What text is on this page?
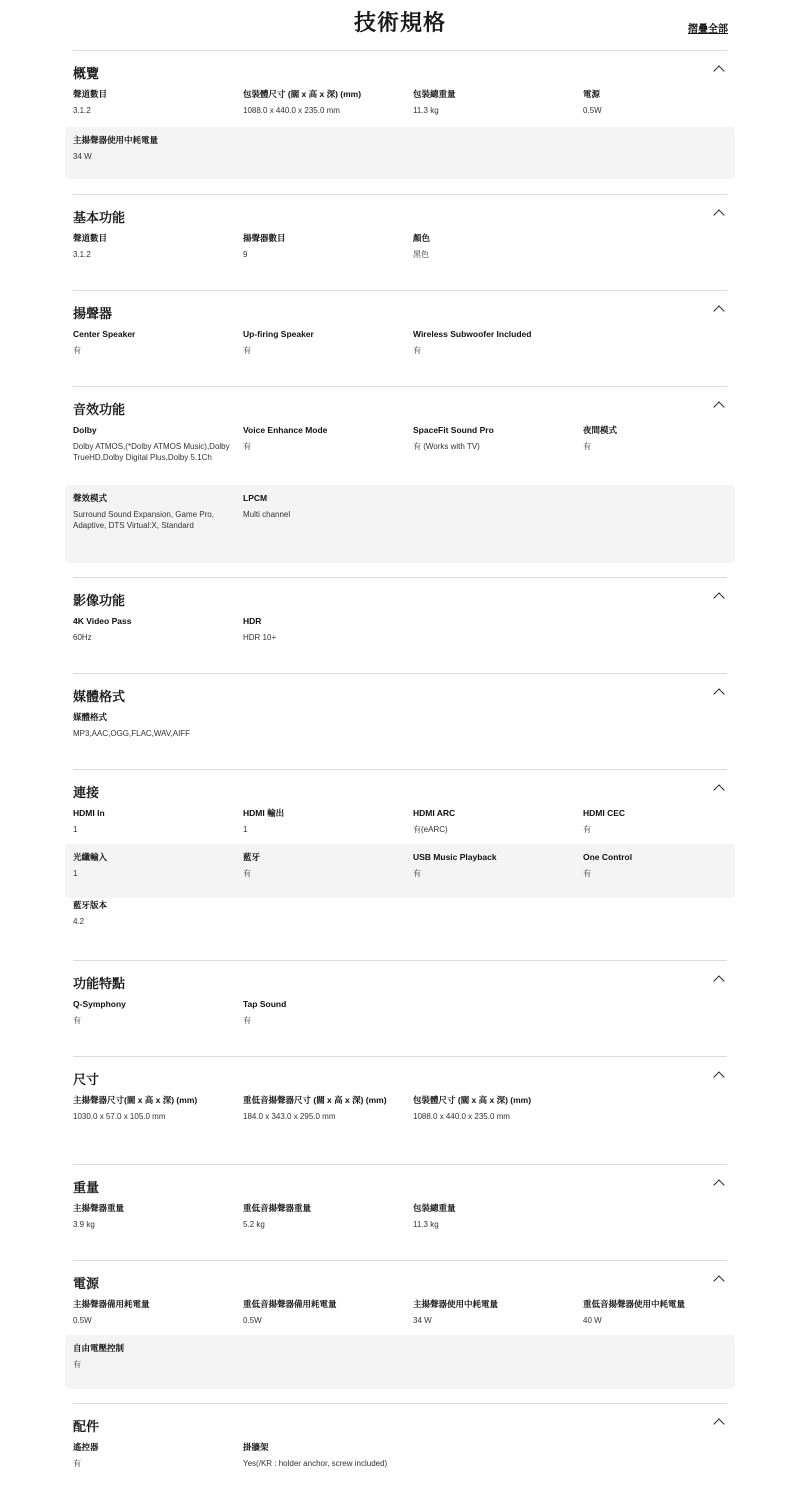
技術規格	摺疊全部
概覽
聲道數目
3.1.2
包裝體尺寸 (闊 x 高 x 深) (mm)
1088.0 x 440.0 x 235.0 mm
包裝總重量
11.3 kg
電源
0.5W
主揚聲器使用中耗電量
34 W
基本功能
聲道數目
3.1.2
揚聲器數目
9
顏色
黑色
揚聲器
Center Speaker
有
Up-firing Speaker
有
Wireless Subwoofer Included
有
音效功能
Dolby
Dolby ATMOS,(*Dolby ATMOS Music),Dolby TrueHD,Dolby Digital Plus,Dolby 5.1Ch
Voice Enhance Mode
有
SpaceFit Sound Pro
有 (Works with TV)
夜間模式
有
聲效模式
Surround Sound Expansion, Game Pro, Adaptive, DTS Virtual:X, Standard
LPCM
Multi channel
影像功能
4K Video Pass
60Hz
HDR
HDR 10+
媒體格式
媒體格式
MP3,AAC,OGG,FLAC,WAV,AIFF
連接
HDMI In
1
HDMI 輸出
1
HDMI ARC
有(eARC)
HDMI CEC
有
光纖輸入
1
藍牙
有
USB Music Playback
有
One Control
有
藍牙版本
4.2
功能特點
Q-Symphony
有
Tap Sound
有
尺寸
主揚聲器尺寸(闊 x 高 x 深) (mm)
1030.0 x 57.0 x 105.0 mm
重低音揚聲器尺寸 (闊 x 高 x 深) (mm)
184.0 x 343.0 x 295.0 mm
包裝體尺寸 (闊 x 高 x 深) (mm)
1088.0 x 440.0 x 235.0 mm
重量
主揚聲器重量
3.9 kg
重低音揚聲器重量
5.2 kg
包裝總重量
11.3 kg
電源
主揚聲器備用耗電量
0.5W
重低音揚聲器備用耗電量
0.5W
主揚聲器使用中耗電量
34 W
重低音揚聲器使用中耗電量
40 W
自由電壓控制
有
配件
遙控器
有
掛牆架
Yes(/KR : holder anchor, screw included)
